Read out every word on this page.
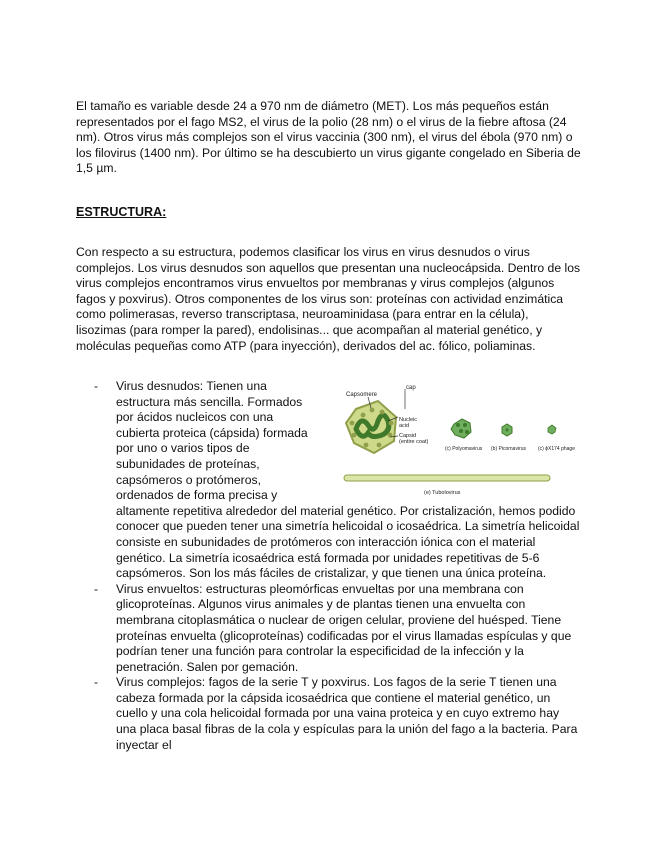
El tamaño es variable desde 24 a 970 nm de diámetro (MET). Los más pequeños están representados por el fago MS2, el virus de la polio (28 nm) o el virus de la fiebre aftosa (24 nm). Otros virus más complejos son el virus vaccinia (300 nm), el virus del ébola (970 nm) o los filovirus (1400 nm). Por último se ha descubierto un virus gigante congelado en Siberia de 1,5 µm.
ESTRUCTURA:
Con respecto a su estructura, podemos clasificar los virus en virus desnudos o virus complejos. Los virus desnudos son aquellos que presentan una nucleocápsida. Dentro de los virus complejos encontramos virus envueltos por membranas y virus complejos (algunos fagos y poxvirus). Otros componentes de los virus son: proteínas con actividad enzimática como polimerasas, reverso transcriptasa, neuroaminidasa (para entrar en la célula), lisozimas (para romper la pared), endolisinas... que acompañan al material genético, y moléculas pequeñas como ATP (para inyección), derivados del ac. fólico, poliaminas.
-
Capsomere
cap
Nucleic
acid
Capsid
(entire coat)
(c) Polyomavirus (b) Picornavirus (c) ϕX174 phage
(e) Tubolovirus
Virus desnudos: Tienen una estructura más sencilla. Formados por ácidos nucleicos con una cubierta proteica (cápsida) formada por uno o varios tipos de subunidades de proteínas, capsómeros o protómeros, ordenados de forma precisa y altamente repetitiva alrededor del material genético. Por cristalización, hemos podido conocer que pueden tener una simetría helicoidal o icosaédrica. La simetría helicoidal consiste en subunidades de protómeros con interacción iónica con el material genético. La simetría icosaédrica está formada por unidades repetitivas de 5-6 capsómeros. Son los más fáciles de cristalizar, y que tienen una única proteína.
- Virus envueltos: estructuras pleomórficas envueltas por una membrana con glicoproteínas. Algunos virus animales y de plantas tienen una envuelta con membrana citoplasmática o nuclear de origen celular, proviene del huésped. Tiene proteínas envuelta (glicoproteínas) codificadas por el virus llamadas espículas y que podrían tener una función para controlar la especificidad de la infección y la penetración. Salen por gemación.
- Virus complejos: fagos de la serie T y poxvirus. Los fagos de la serie T tienen una cabeza formada por la cápsida icosaédrica que contiene el material genético, un cuello y una cola helicoidal formada por una vaina proteica y en cuyo extremo hay una placa basal fibras de la cola y espículas para la unión del fago a la bacteria. Para inyectar el
